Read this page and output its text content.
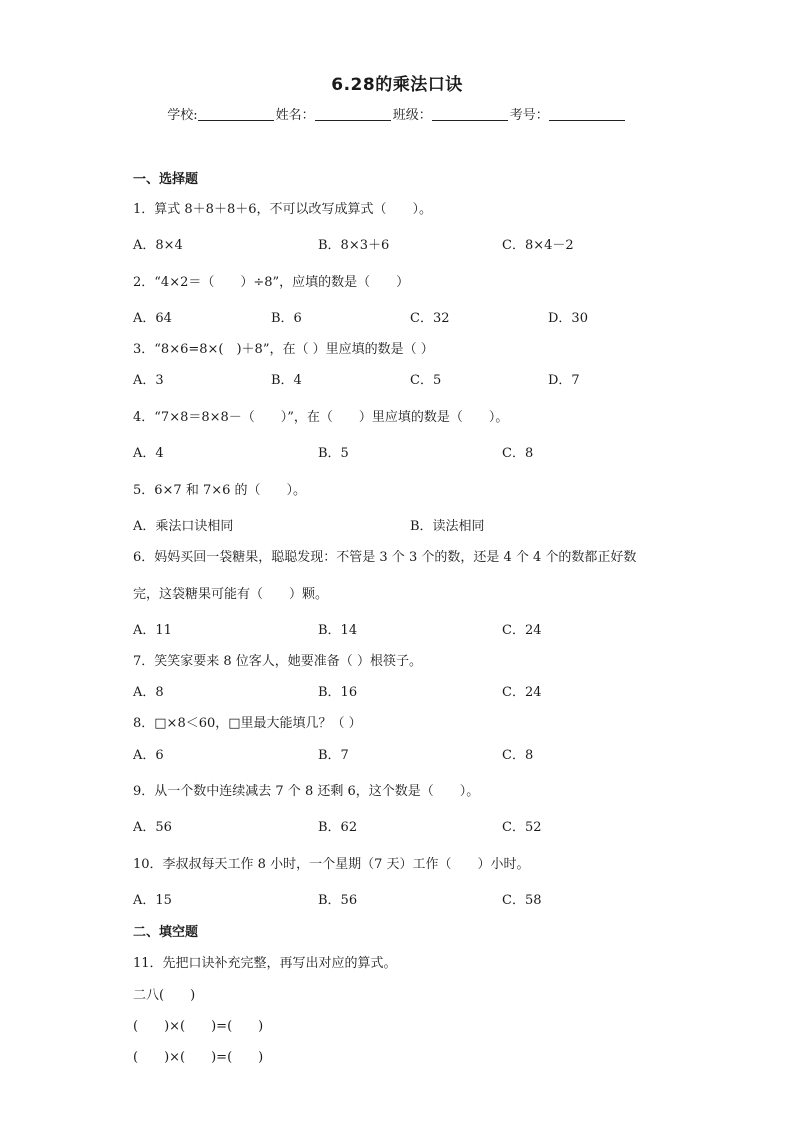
6.28的乘法口诀
学校:	姓名：	班级：	考号：
一、选择题
1．算式 8＋8＋8＋6，不可以改写成算式（　　）。
A．8×4	B．8×3＋6	C．8×4－2
2．“4×2＝（　　）÷8”，应填的数是（　　）
A．64	B．6	C．32	D．30
3．“8×6=8×(　)＋8”，在（ ）里应填的数是（ ）
A．3	B．4	C．5	D．7
4．“7×8＝8×8－（　　）”，在（　　）里应填的数是（　　）。
A．4	B．5	C．8
5．6×7 和 7×6 的（　　）。
A．乘法口诀相同	B．读法相同
6．妈妈买回一袋糖果，聪聪发现：不管是 3 个 3 个的数，还是 4 个 4 个的数都正好数
完，这袋糖果可能有（　　）颗。
A．11	B．14	C．24
7．笑笑家要来 8 位客人，她要准备（ ）根筷子。
A．8	B．16	C．24
8．□×8＜60，□里最大能填几？（ ）
A．6	B．7	C．8
9．从一个数中连续减去 7 个 8 还剩 6，这个数是（　　）。
A．56	B．62	C．52
10．李叔叔每天工作 8 小时，一个星期（7 天）工作（　　）小时。
A．15	B．56	C．58
二、填空题
11．先把口诀补充完整，再写出对应的算式。
二八(　　)
(　　)×(　　)=(　　)
(　　)×(　　)=(　　)
